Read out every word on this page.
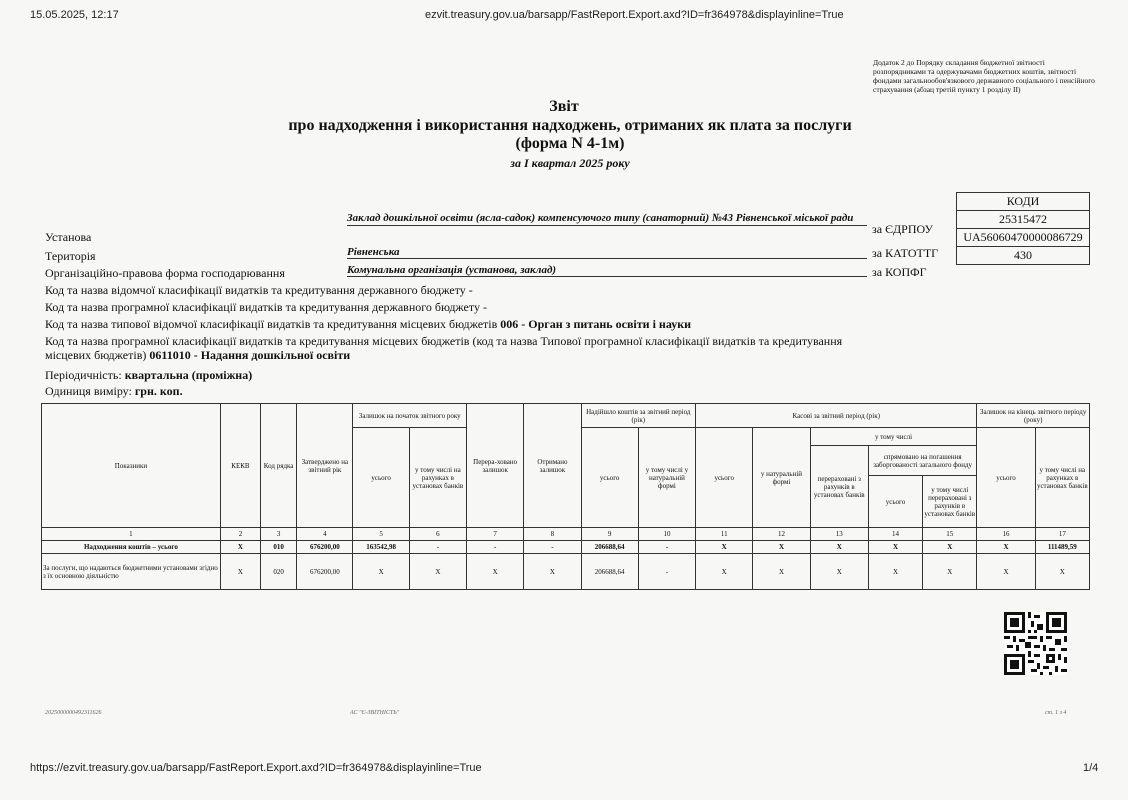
15.05.2025, 12:17	ezvit.treasury.gov.ua/barsapp/FastReport.Export.axd?ID=fr364978&displayinline=True
Додаток 2 до Порядку складання бюджетної звітності розпорядниками та одержувачами бюджетних коштів, звітності фондами загальнообов'язкового державного соціального і пенсійного страхування (абзац третій пункту 1 розділу II)
Звіт
про надходження і використання надходжень, отриманих як плата за послуги
(форма N 4-1м)
за І квартал 2025 року
КОДИ
25315472
UA56060470000086729
430
за ЄДРПОУ
за КАТОТТГ
за КОПФГ
Установа
Заклад дошкільної освіти (ясла-садок) компенсуючого типу (санаторний) №43 Рівненської міської ради
Територія	Рівненська
Організаційно-правова форма господарювання	Комунальна організація (установа, заклад)
Код та назва відомчої класифікації видатків та кредитування державного бюджету -
Код та назва програмної класифікації видатків та кредитування державного бюджету -
Код та назва типової відомчої класифікації видатків та кредитування місцевих бюджетів 006 - Орган з питань освіти і науки
Код та назва програмної класифікації видатків та кредитування місцевих бюджетів (код та назва Типової програмної класифікації видатків та кредитування місцевих бюджетів) 0611010 - Надання дошкільної освіти
Періодичність: квартальна (проміжна)
Одиниця виміру: грн. коп.
Показники	КЕКВ	Код рядка	Затверджено на звітний рік	Залишок на початок звітного року		Перера-ховано залишок	Отримано залишок	Надійшло коштів за звітний період (рік)		Касові за звітний період (рік)					Залишок на кінець звітного періоду (року)	
				усього	у тому числі на рахунках в установах банків			усього	у тому числі у натуральній формі	усього	у натуральній формі	у тому числі			усього	у тому числі на рахунках в установах банків
												перераховані з рахунків в установах банків	спрямовано на погашення заборгованості загального фонду			
													усього	у тому числі перераховані з рахунків в установах банків		
1	2	3	4	5	6	7	8	9	10	11	12	13	14	15	16	17
Надходження коштів – усього	X	010	676200,00	163542,98	-	-	-	206688,64	-	X	X	X	X	X	X	111489,59
За послуги, що надаються бюджетними установами згідно з їх основною діяльністю	X	020	676200,00	X	X	X	X	206688,64	-	X	X	X	X	X	X	X
2025000000492311626	АС "Є-ЗВІТНІСТЬ"	ст. 1 з 4
https://ezvit.treasury.gov.ua/barsapp/FastReport.Export.axd?ID=fr364978&displayinline=True	1/4
